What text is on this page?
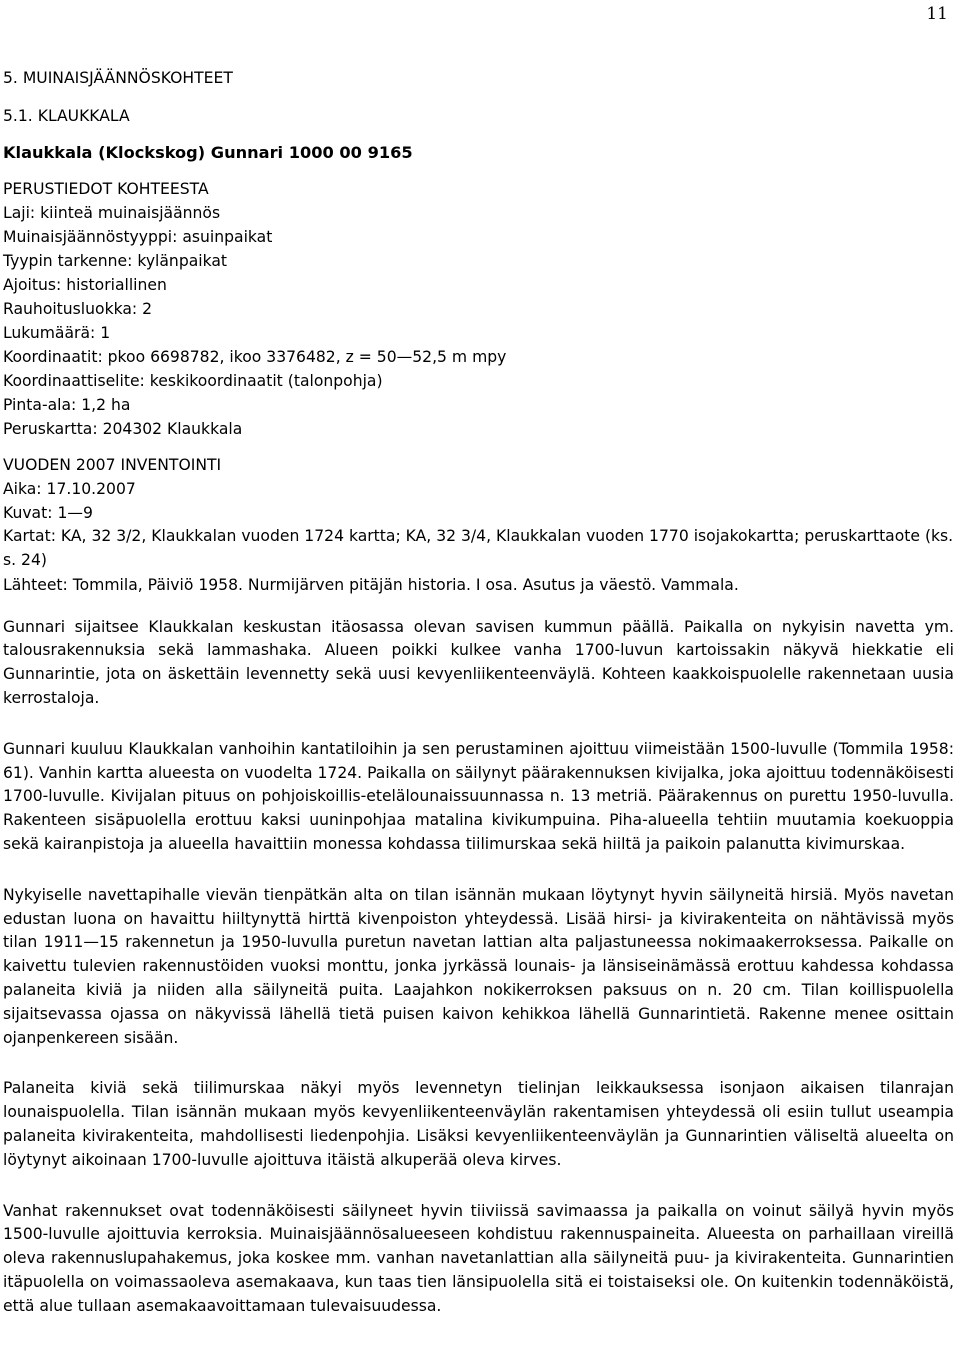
11
5. MUINAISJÄÄNNÖSKOHTEET
5.1. KLAUKKALA
Klaukkala (Klockskog) Gunnari 1000 00 9165
PERUSTIEDOT KOHTEESTA
Laji: kiinteä muinaisjäännös
Muinaisjäännöstyyppi: asuinpaikat
Tyypin tarkenne: kylänpaikat
Ajoitus: historiallinen
Rauhoitusluokka: 2
Lukumäärä: 1
Koordinaatit: pkoo 6698782, ikoo 3376482, z = 50—52,5 m mpy
Koordinaattiselite: keskikoordinaatit (talonpohja)
Pinta-ala: 1,2 ha
Peruskartta: 204302 Klaukkala
VUODEN 2007 INVENTOINTI
Aika: 17.10.2007
Kuvat: 1—9
Kartat: KA, 32 3/2, Klaukkalan vuoden 1724 kartta; KA, 32 3/4, Klaukkalan vuoden 1770 isojakokartta; peruskarttaote (ks. s. 24)
Lähteet: Tommila, Päiviö 1958. Nurmijärven pitäjän historia. I osa. Asutus ja väestö. Vammala.

Gunnari sijaitsee Klaukkalan keskustan itäosassa olevan savisen kummun päällä. Paikalla on nykyisin navetta ym. talousrakennuksia sekä lammashaka. Alueen poikki kulkee vanha 1700-luvun kartoissakin näkyvä hiekkatie eli Gunnarintie, jota on äskettäin levennetty sekä uusi kevyenliikenteenväylä. Kohteen kaakkoispuolelle rakennetaan uusia kerrostaloja.

Gunnari kuuluu Klaukkalan vanhoihin kantatiloihin ja sen perustaminen ajoittuu viimeistään 1500-luvulle (Tommila 1958: 61). Vanhin kartta alueesta on vuodelta 1724. Paikalla on säilynyt päärakennuksen kivijalka, joka ajoittuu todennäköisesti 1700-luvulle. Kivijalan pituus on pohjoiskoillis-etelälounaissuunnassa n. 13 metriä. Päärakennus on purettu 1950-luvulla. Rakenteen sisäpuolella erottuu kaksi uuninpohjaa matalina kivikumpuina. Piha-alueella tehtiin muutamia koekuoppia sekä kairanpistoja ja alueella havaittiin monessa kohdassa tiilimurskaa sekä hiiltä ja paikoin palanutta kivimurskaa.

Nykyiselle navettapihalle vievän tienpätkän alta on tilan isännän mukaan löytynyt hyvin säilyneitä hirsiä. Myös navetan edustan luona on havaittu hiiltynyttä hirttä kivenpoiston yhteydessä. Lisää hirsi- ja kivirakenteita on nähtävissä myös tilan 1911—15 rakennetun ja 1950-luvulla puretun navetan lattian alta paljastuneessa nokimaakerroksessa. Paikalle on kaivettu tulevien rakennustöiden vuoksi monttu, jonka jyrkässä lounais- ja länsiseinämässä erottuu kahdessa kohdassa palaneita kiviä ja niiden alla säilyneitä puita. Laajahkon nokikerroksen paksuus on n. 20 cm. Tilan koillispuolella sijaitsevassa ojassa on näkyvissä lähellä tietä puisen kaivon kehikkoa lähellä Gunnarintietä. Rakenne menee osittain ojanpenkereen sisään.

Palaneita kiviä sekä tiilimurskaa näkyi myös levennetyn tielinjan leikkauksessa isonjaon aikaisen tilanrajan lounaispuolella. Tilan isännän mukaan myös kevyenliikenteenväylän rakentamisen yhteydessä oli esiin tullut useampia palaneita kivirakenteita, mahdollisesti liedenpohjia. Lisäksi kevyenliikenteenväylän ja Gunnarintien väliseltä alueelta on löytynyt aikoinaan 1700-luvulle ajoittuva itäistä alkuperää oleva kirves.

Vanhat rakennukset ovat todennäköisesti säilyneet hyvin tiiviissä savimaassa ja paikalla on voinut säilyä hyvin myös 1500-luvulle ajoittuvia kerroksia. Muinaisjäännösalueeseen kohdistuu rakennuspaineita. Alueesta on parhaillaan vireillä oleva rakennuslupahakemus, joka koskee mm. vanhan navetanlattian alla säilyneitä puu- ja kivirakenteita. Gunnarintien itäpuolella on voimassaoleva asemakaava, kun taas tien länsipuolella sitä ei toistaiseksi ole. On kuitenkin todennäköistä, että alue tullaan asemakaavoittamaan tulevaisuudessa.
